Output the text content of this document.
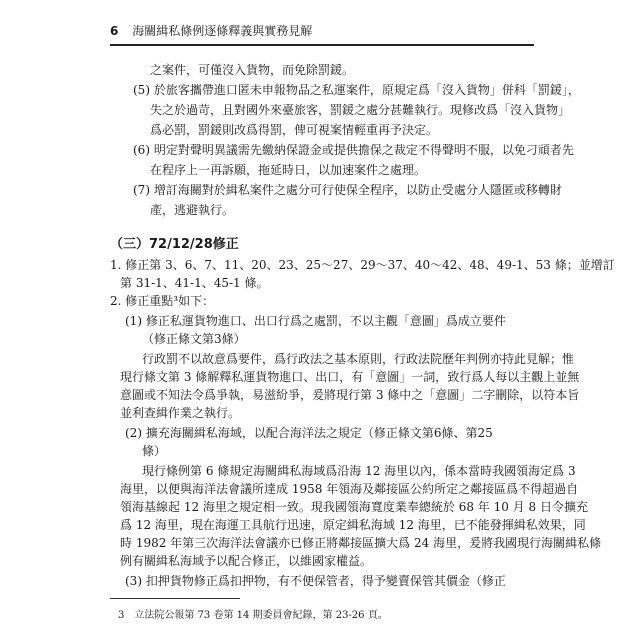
6 海關緝私條例逐條釋義與實務見解
之案件，可僅沒入貨物，而免除罰鍰。
(5) 於旅客攜帶進口匿未申報物品之私運案件，原規定爲「沒入貨物」併科「罰鍰」，
失之於過苛，且對國外來臺旅客，罰鍰之處分甚難執行。現修改爲「沒入貨物」
爲必罰，罰鍰則改爲得罰，俾可視案情輕重再予決定。
(6) 明定對聲明異議需先繳納保證金或提供擔保之裁定不得聲明不服，以免刁頑者先
在程序上一再訴願，拖延時日，以加速案件之處理。
(7) 增訂海關對於緝私案件之處分可行使保全程序，以防止受處分人隱匿或移轉財
產，逃避執行。
（三）72/12/28修正
1. 修正第 3、6、7、11、20、23、25〜27、29〜37、40〜42、48、49-1、53 條；並增訂
第 31-1、41-1、45-1 條。
2. 修正重點³如下：
(1) 修正私運貨物進口、出口行爲之處罰，不以主觀「意圖」爲成立要件
（修正條文第3條）
行政罰不以故意爲要件，爲行政法之基本原則，行政法院歷年判例亦持此見解；惟
現行條文第 3 條解釋私運貨物進口、出口，有「意圖」一詞，致行爲人每以主觀上並無
意圖或不知法令爲爭執，易滋紛爭，爰將現行第 3 條中之「意圖」二字刪除，以符本旨
並利查緝作業之執行。
(2) 擴充海關緝私海域，以配合海洋法之規定（修正條文第6條、第25
條）
現行條例第 6 條規定海關緝私海域爲沿海 12 海里以內，係本當時我國領海定爲 3
海里，以便與海洋法會議所達成 1958 年領海及鄰接區公約所定之鄰接區爲不得超過自
領海基線起 12 海里之規定相一致。現我國領海寬度業奉總統於 68 年 10 月 8 日令擴充
爲 12 海里，現在海運工具航行迅速，原定緝私海域 12 海里，已不能發揮緝私效果，同
時 1982 年第三次海洋法會議亦已修正將鄰接區擴大爲 24 海里，爰將我國現行海關緝私條
例有關緝私海域予以配合修正，以維國家權益。
(3) 扣押貨物修正爲扣押物，有不便保管者，得予變賣保管其價金（修正
3　立法院公報第 73 卷第 14 期委員會紀錄，第 23-26 頁。
